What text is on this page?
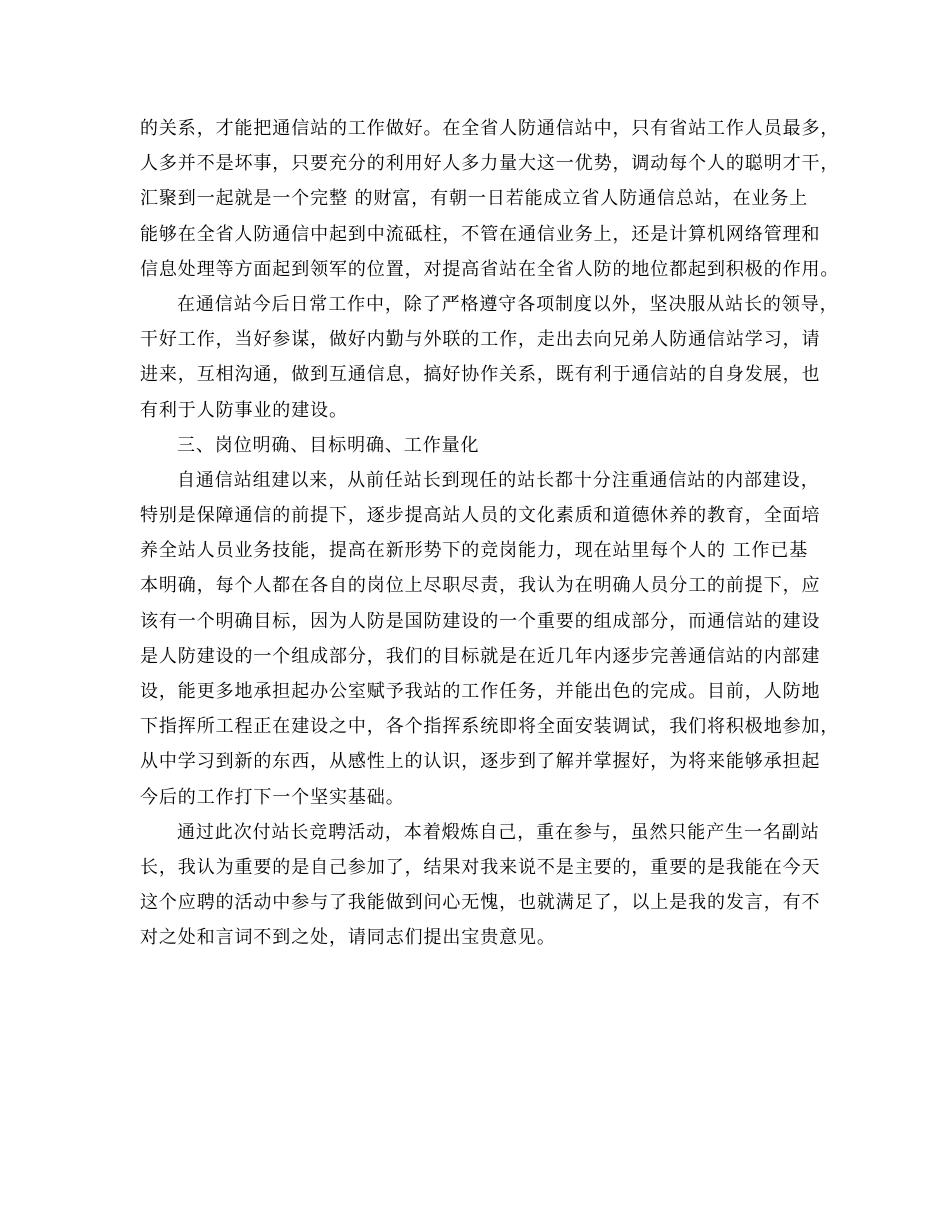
的关系，才能把通信站的工作做好。在全省人防通信站中，只有省站工作人员最多，
人多并不是坏事，只要充分的利用好人多力量大这一优势，调动每个人的聪明才干，
汇聚到一起就是一个完整 的财富，有朝一日若能成立省人防通信总站，在业务上
能够在全省人防通信中起到中流砥柱，不管在通信业务上，还是计算机网络管理和
信息处理等方面起到领军的位置，对提高省站在全省人防的地位都起到积极的作用。
在通信站今后日常工作中，除了严格遵守各项制度以外，坚决服从站长的领导，
干好工作，当好参谋，做好内勤与外联的工作，走出去向兄弟人防通信站学习，请
进来，互相沟通，做到互通信息，搞好协作关系，既有利于通信站的自身发展，也
有利于人防事业的建设。
三、岗位明确、目标明确、工作量化
自通信站组建以来，从前任站长到现任的站长都十分注重通信站的内部建设，
特别是保障通信的前提下，逐步提高站人员的文化素质和道德休养的教育，全面培
养全站人员业务技能，提高在新形势下的竞岗能力，现在站里每个人的 工作已基
本明确，每个人都在各自的岗位上尽职尽责，我认为在明确人员分工的前提下，应
该有一个明确目标，因为人防是国防建设的一个重要的组成部分，而通信站的建设
是人防建设的一个组成部分，我们的目标就是在近几年内逐步完善通信站的内部建
设，能更多地承担起办公室赋予我站的工作任务，并能出色的完成。目前，人防地
下指挥所工程正在建设之中，各个指挥系统即将全面安装调试，我们将积极地参加，
从中学习到新的东西，从感性上的认识，逐步到了解并掌握好，为将来能够承担起
今后的工作打下一个坚实基础。
通过此次付站长竞聘活动，本着煅炼自己，重在参与，虽然只能产生一名副站
长，我认为重要的是自己参加了，结果对我来说不是主要的，重要的是我能在今天
这个应聘的活动中参与了我能做到问心无愧，也就满足了，以上是我的发言，有不
对之处和言词不到之处，请同志们提出宝贵意见。
